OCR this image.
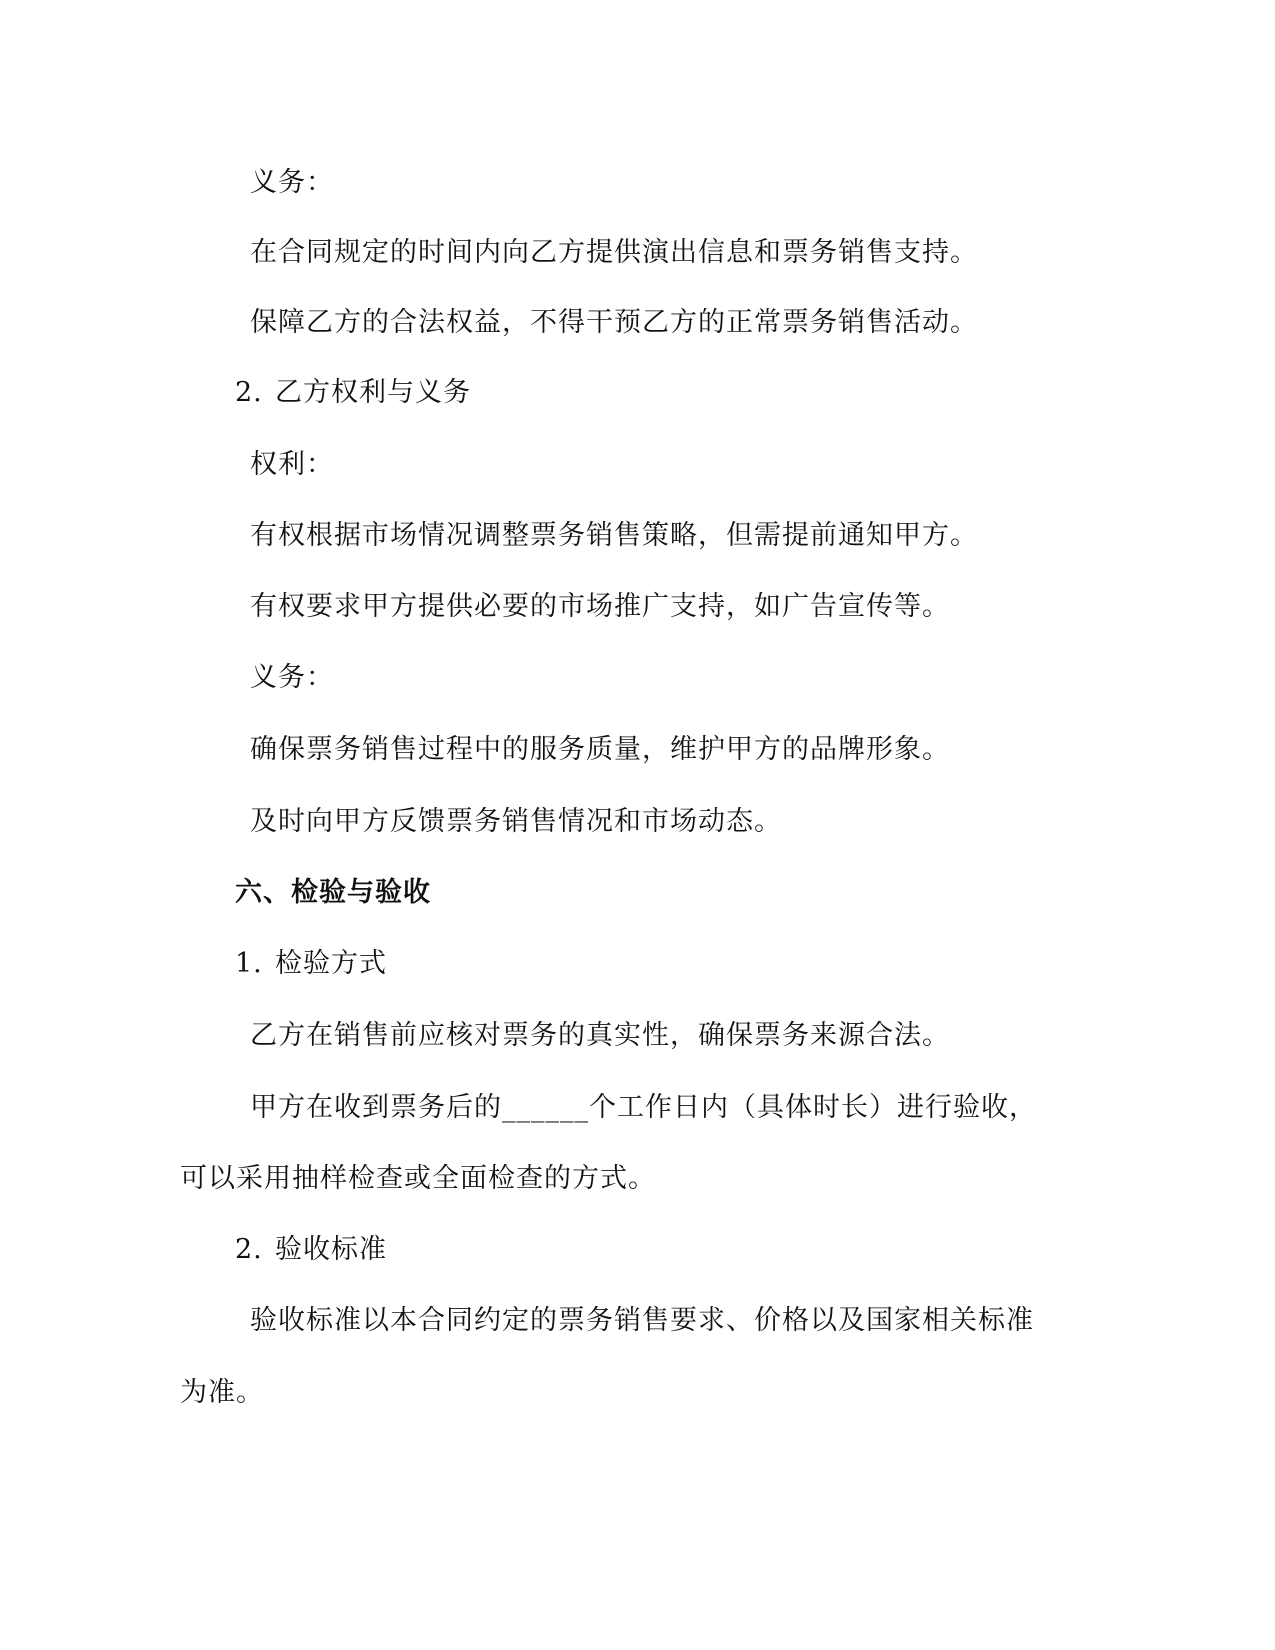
义务：
在合同规定的时间内向乙方提供演出信息和票务销售支持。
保障乙方的合法权益，不得干预乙方的正常票务销售活动。
2. 乙方权利与义务
权利：
有权根据市场情况调整票务销售策略，但需提前通知甲方。
有权要求甲方提供必要的市场推广支持，如广告宣传等。
义务：
确保票务销售过程中的服务质量，维护甲方的品牌形象。
及时向甲方反馈票务销售情况和市场动态。
六、检验与验收
1. 检验方式
乙方在销售前应核对票务的真实性，确保票务来源合法。
甲方在收到票务后的______个工作日内（具体时长）进行验收，
可以采用抽样检查或全面检查的方式。
2. 验收标准
验收标准以本合同约定的票务销售要求、价格以及国家相关标准
为准。
